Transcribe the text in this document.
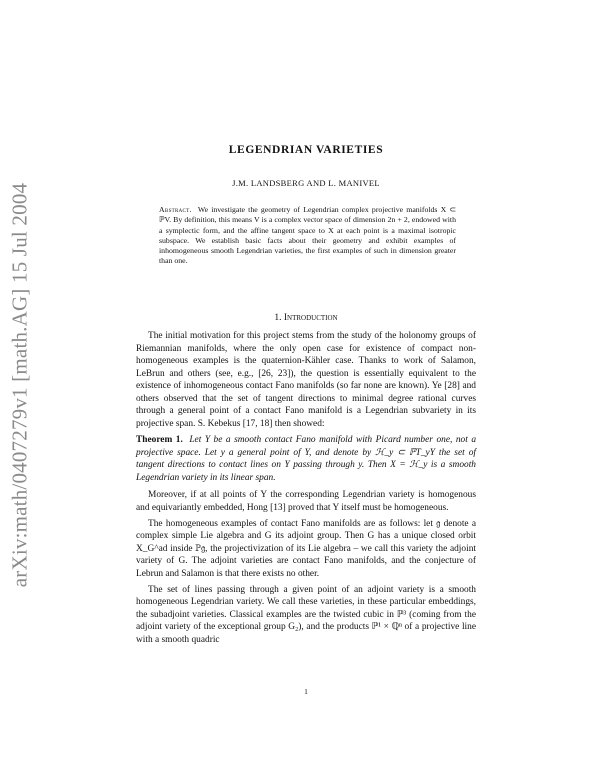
arXiv:math/0407279v1 [math.AG] 15 Jul 2004
LEGENDRIAN VARIETIES
J.M. LANDSBERG AND L. MANIVEL
Abstract. We investigate the geometry of Legendrian complex projective manifolds X ⊂ ℙV. By definition, this means V is a complex vector space of dimension 2n + 2, endowed with a symplectic form, and the affine tangent space to X at each point is a maximal isotropic subspace. We establish basic facts about their geometry and exhibit examples of inhomogeneous smooth Legendrian varieties, the first examples of such in dimension greater than one.
1. Introduction

The initial motivation for this project stems from the study of the holonomy groups of Riemannian manifolds, where the only open case for existence of compact non-homogeneous examples is the quaternion-Kähler case. Thanks to work of Salamon, LeBrun and others (see, e.g., [26, 23]), the question is essentially equivalent to the existence of inhomogeneous contact Fano manifolds (so far none are known). Ye [28] and others observed that the set of tangent directions to minimal degree rational curves through a general point of a contact Fano manifold is a Legendrian subvariety in its projective span. S. Kebekus [17, 18] then showed:

Theorem 1. Let Y be a smooth contact Fano manifold with Picard number one, not a projective space. Let y a general point of Y, and denote by ℋ_y ⊂ ℙT_yY the set of tangent directions to contact lines on Y passing through y. Then X = ℋ_y is a smooth Legendrian variety in its linear span.

Moreover, if at all points of Y the corresponding Legendrian variety is homogenous and equivariantly embedded, Hong [13] proved that Y itself must be homogeneous.

The homogeneous examples of contact Fano manifolds are as follows: let 𝔤 denote a complex simple Lie algebra and G its adjoint group. Then G has a unique closed orbit X_G^ad inside ℙ𝔤, the projectivization of its Lie algebra – we call this variety the adjoint variety of G. The adjoint varieties are contact Fano manifolds, and the conjecture of Lebrun and Salamon is that there exists no other.

The set of lines passing through a given point of an adjoint variety is a smooth homogeneous Legendrian variety. We call these varieties, in these particular embeddings, the subadjoint varieties. Classical examples are the twisted cubic in ℙ³ (coming from the adjoint variety of the exceptional group G₂), and the products ℙ¹ × ℚⁿ of a projective line with a smooth quadric

1
